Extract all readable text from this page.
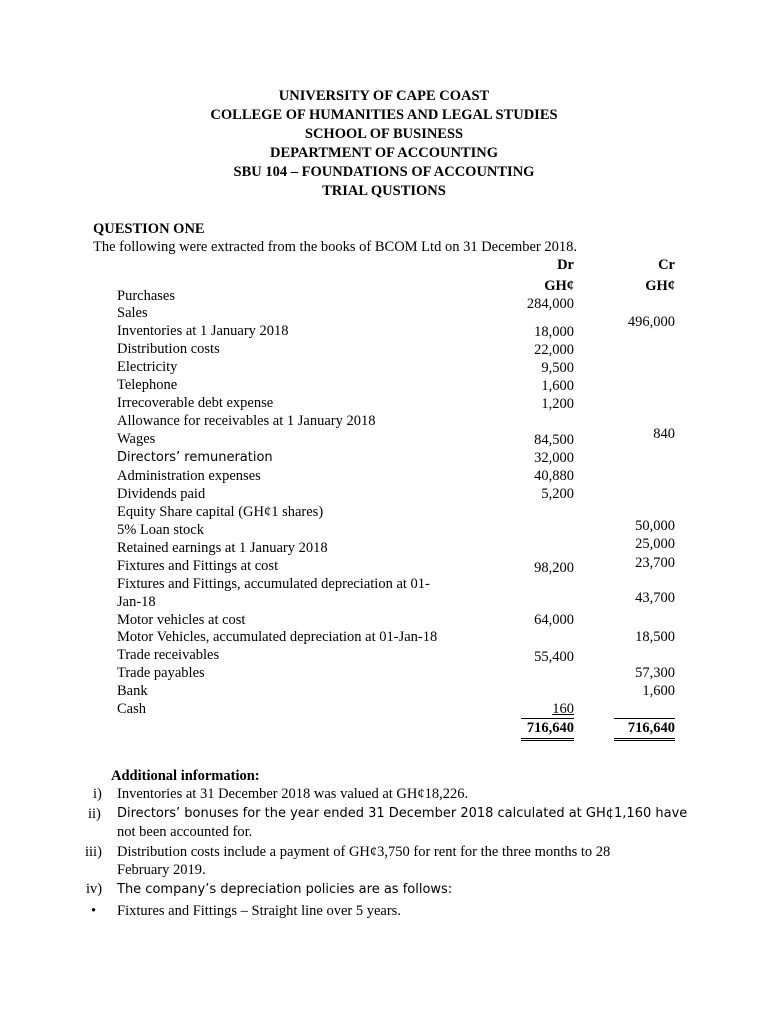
UNIVERSITY OF CAPE COAST
COLLEGE OF HUMANITIES AND LEGAL STUDIES
SCHOOL OF BUSINESS
DEPARTMENT OF ACCOUNTING
SBU 104 – FOUNDATIONS OF ACCOUNTING
TRIAL QUSTIONS
QUESTION ONE
The following were extracted from the books of BCOM Ltd on 31 December 2018.
Dr	Cr
GH¢	GH¢
Purchases
Sales
Inventories at 1 January 2018
Distribution costs
Electricity
Telephone
Irrecoverable debt expense
Allowance for receivables at 1 January 2018
Wages
Directors’ remuneration
Administration expenses
Dividends paid
Equity Share capital (GH¢1 shares)
5% Loan stock
Retained earnings at 1 January 2018
Fixtures and Fittings at cost
Fixtures and Fittings, accumulated depreciation at 01-
Jan-18
Motor vehicles at cost
Motor Vehicles, accumulated depreciation at 01-Jan-18
Trade receivables
Trade payables
Bank
Cash
284,000
18,000
22,000
9,500
1,600
1,200
84,500
32,000
40,880
5,200
98,200
64,000
55,400
160
716,640
496,000
840
50,000
25,000
23,700
43,700
18,500
57,300
1,600
716,640
Additional information:
i) Inventories at 31 December 2018 was valued at GH¢18,226.
ii) Directors’ bonuses for the year ended 31 December 2018 calculated at GH¢1,160 have
not been accounted for.
iii) Distribution costs include a payment of GH¢3,750 for rent for the three months to 28
February 2019.
iv) The company’s depreciation policies are as follows:
• Fixtures and Fittings – Straight line over 5 years.
